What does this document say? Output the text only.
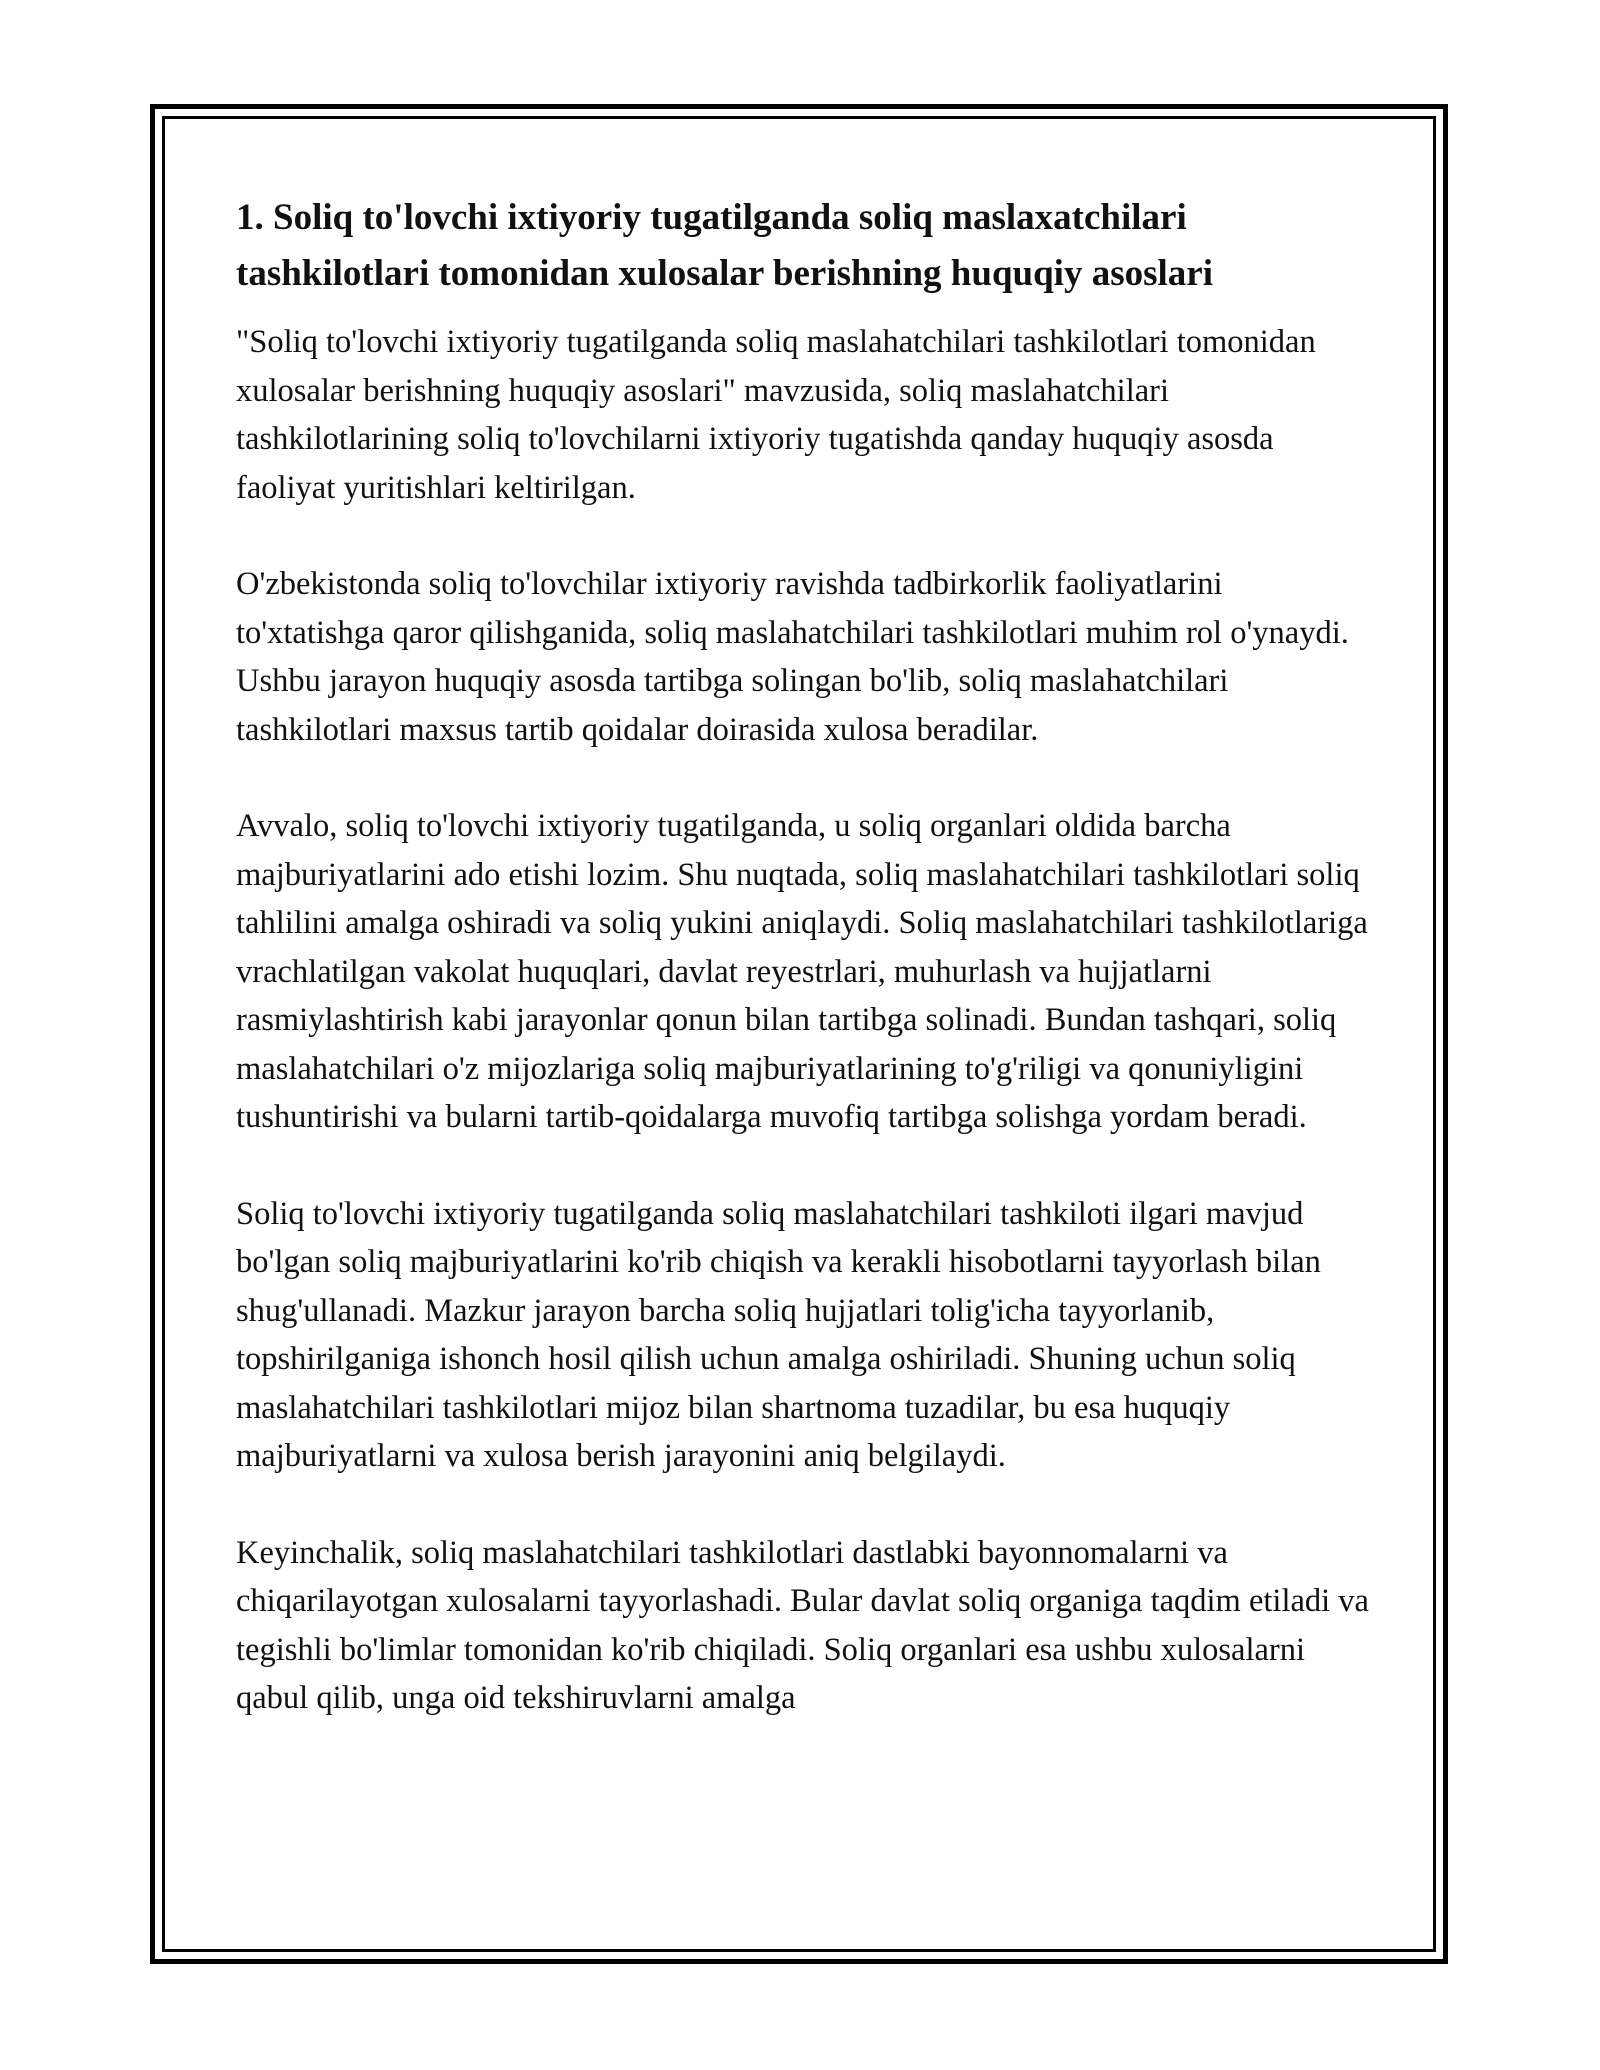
1. Soliq to'lovchi ixtiyoriy tugatilganda soliq maslaxatchilari tashkilotlari tomonidan xulosalar berishning huquqiy asoslari

"Soliq to'lovchi ixtiyoriy tugatilganda soliq maslahatchilari tashkilotlari tomonidan xulosalar berishning huquqiy asoslari" mavzusida, soliq maslahatchilari tashkilotlarining soliq to'lovchilarni ixtiyoriy tugatishda qanday huquqiy asosda faoliyat yuritishlari keltirilgan.

O'zbekistonda soliq to'lovchilar ixtiyoriy ravishda tadbirkorlik faoliyatlarini to'xtatishga qaror qilishganida, soliq maslahatchilari tashkilotlari muhim rol o'ynaydi. Ushbu jarayon huquqiy asosda tartibga solingan bo'lib, soliq maslahatchilari tashkilotlari maxsus tartib qoidalar doirasida xulosa beradilar.

Avvalo, soliq to'lovchi ixtiyoriy tugatilganda, u soliq organlari oldida barcha majburiyatlarini ado etishi lozim. Shu nuqtada, soliq maslahatchilari tashkilotlari soliq tahlilini amalga oshiradi va soliq yukini aniqlaydi. Soliq maslahatchilari tashkilotlariga vrachlatilgan vakolat huquqlari, davlat reyestrlari, muhurlash va hujjatlarni rasmiylashtirish kabi jarayonlar qonun bilan tartibga solinadi. Bundan tashqari, soliq maslahatchilari o'z mijozlariga soliq majburiyatlarining to'g'riligi va qonuniyligini tushuntirishi va bularni tartib-qoidalarga muvofiq tartibga solishga yordam beradi.

Soliq to'lovchi ixtiyoriy tugatilganda soliq maslahatchilari tashkiloti ilgari mavjud bo'lgan soliq majburiyatlarini ko'rib chiqish va kerakli hisobotlarni tayyorlash bilan shug'ullanadi. Mazkur jarayon barcha soliq hujjatlari tolig'icha tayyorlanib, topshirilganiga ishonch hosil qilish uchun amalga oshiriladi. Shuning uchun soliq maslahatchilari tashkilotlari mijoz bilan shartnoma tuzadilar, bu esa huquqiy majburiyatlarni va xulosa berish jarayonini aniq belgilaydi.

Keyinchalik, soliq maslahatchilari tashkilotlari dastlabki bayonnomalarni va chiqarilayotgan xulosalarni tayyorlashadi. Bular davlat soliq organiga taqdim etiladi va tegishli bo'limlar tomonidan ko'rib chiqiladi. Soliq organlari esa ushbu xulosalarni qabul qilib, unga oid tekshiruvlarni amalga
